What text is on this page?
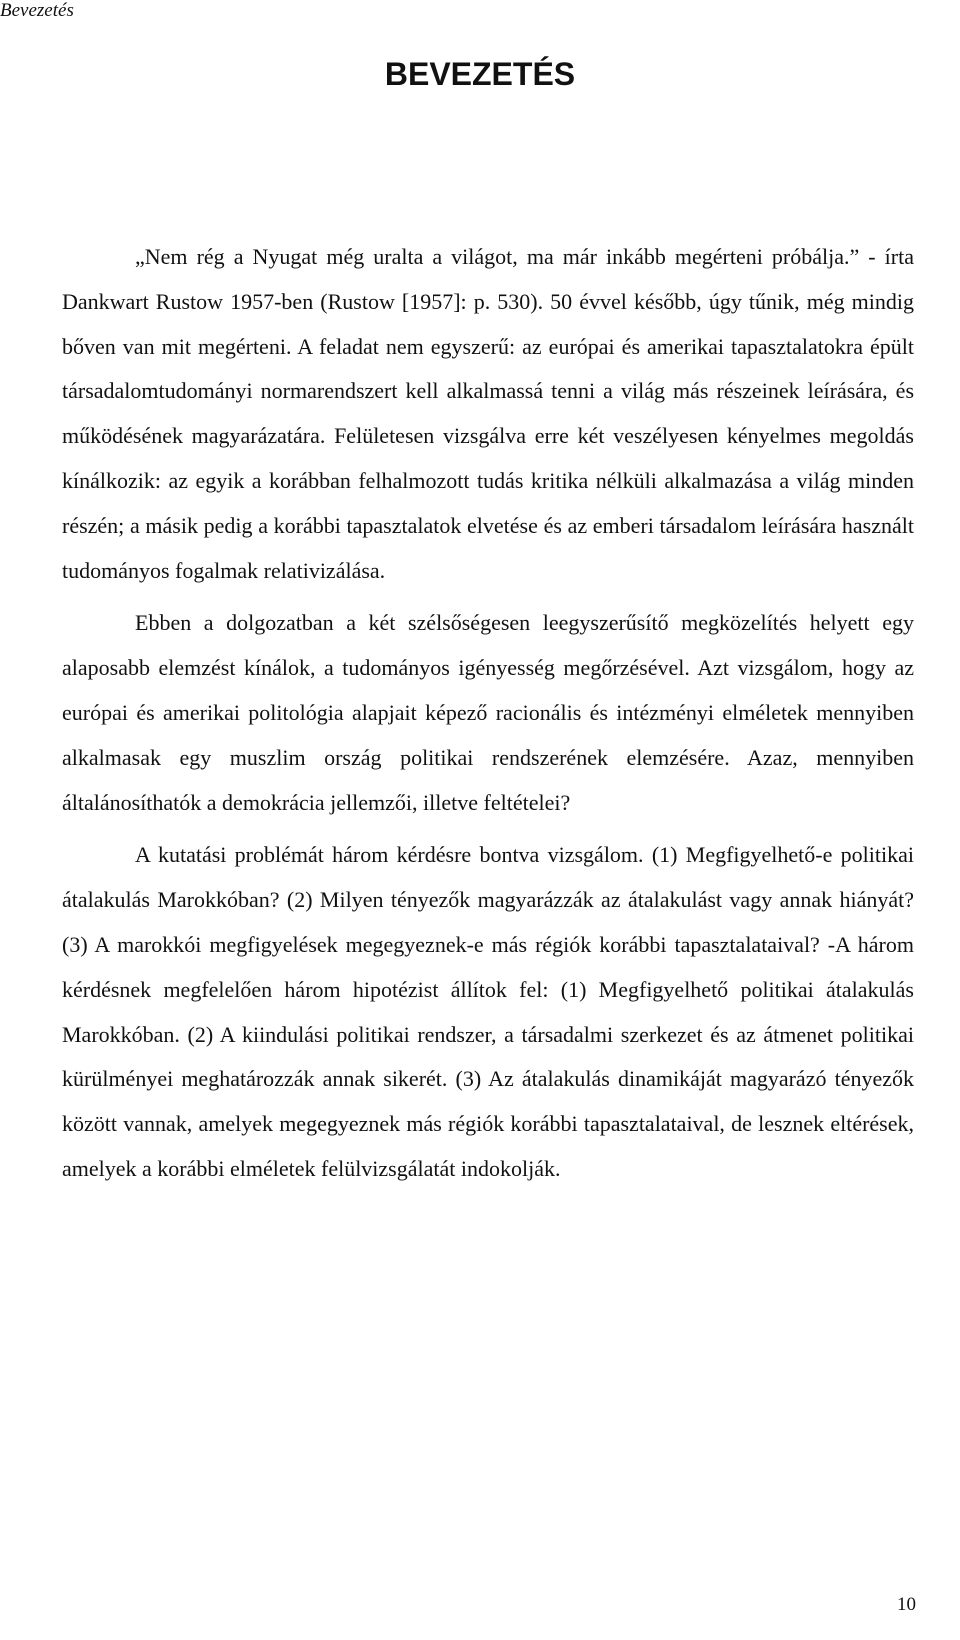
Bevezetés
BEVEZETÉS

„Nem rég a Nyugat még uralta a világot, ma már inkább megérteni próbálja.” - írta Dankwart Rustow 1957-ben (Rustow [1957]: p. 530). 50 évvel később, úgy tűnik, még mindig bőven van mit megérteni. A feladat nem egyszerű: az európai és amerikai tapasztalatokra épült társadalomtudományi normarendszert kell alkalmassá tenni a világ más részeinek leírására, és működésének magyarázatára. Felületesen vizsgálva erre két veszélyesen kényelmes megoldás kínálkozik: az egyik a korábban felhalmozott tudás kritika nélküli alkalmazása a világ minden részén; a másik pedig a korábbi tapasztalatok elvetése és az emberi társadalom leírására használt tudományos fogalmak relativizálása.

Ebben a dolgozatban a két szélsőségesen leegyszerűsítő megközelítés helyett egy alaposabb elemzést kínálok, a tudományos igényesség megőrzésével. Azt vizsgálom, hogy az európai és amerikai politológia alapjait képező racionális és intézményi elméletek mennyiben alkalmasak egy muszlim ország politikai rendszerének elemzésére. Azaz, mennyiben általánosíthatók a demokrácia jellemzői, illetve feltételei?

A kutatási problémát három kérdésre bontva vizsgálom. (1) Megfigyelhető-e politikai átalakulás Marokkóban? (2) Milyen tényezők magyarázzák az átalakulást vagy annak hiányát? (3) A marokkói megfigyelések megegyeznek-e más régiók korábbi tapasztalataival? -A három kérdésnek megfelelően három hipotézist állítok fel: (1) Megfigyelhető politikai átalakulás Marokkóban. (2) A kiindulási politikai rendszer, a társadalmi szerkezet és az átmenet politikai kürülményei meghatározzák annak sikerét. (3) Az átalakulás dinamikáját magyarázó tényezők között vannak, amelyek megegyeznek más régiók korábbi tapasztalataival, de lesznek eltérések, amelyek a korábbi elméletek felülvizsgálatát indokolják.

10
